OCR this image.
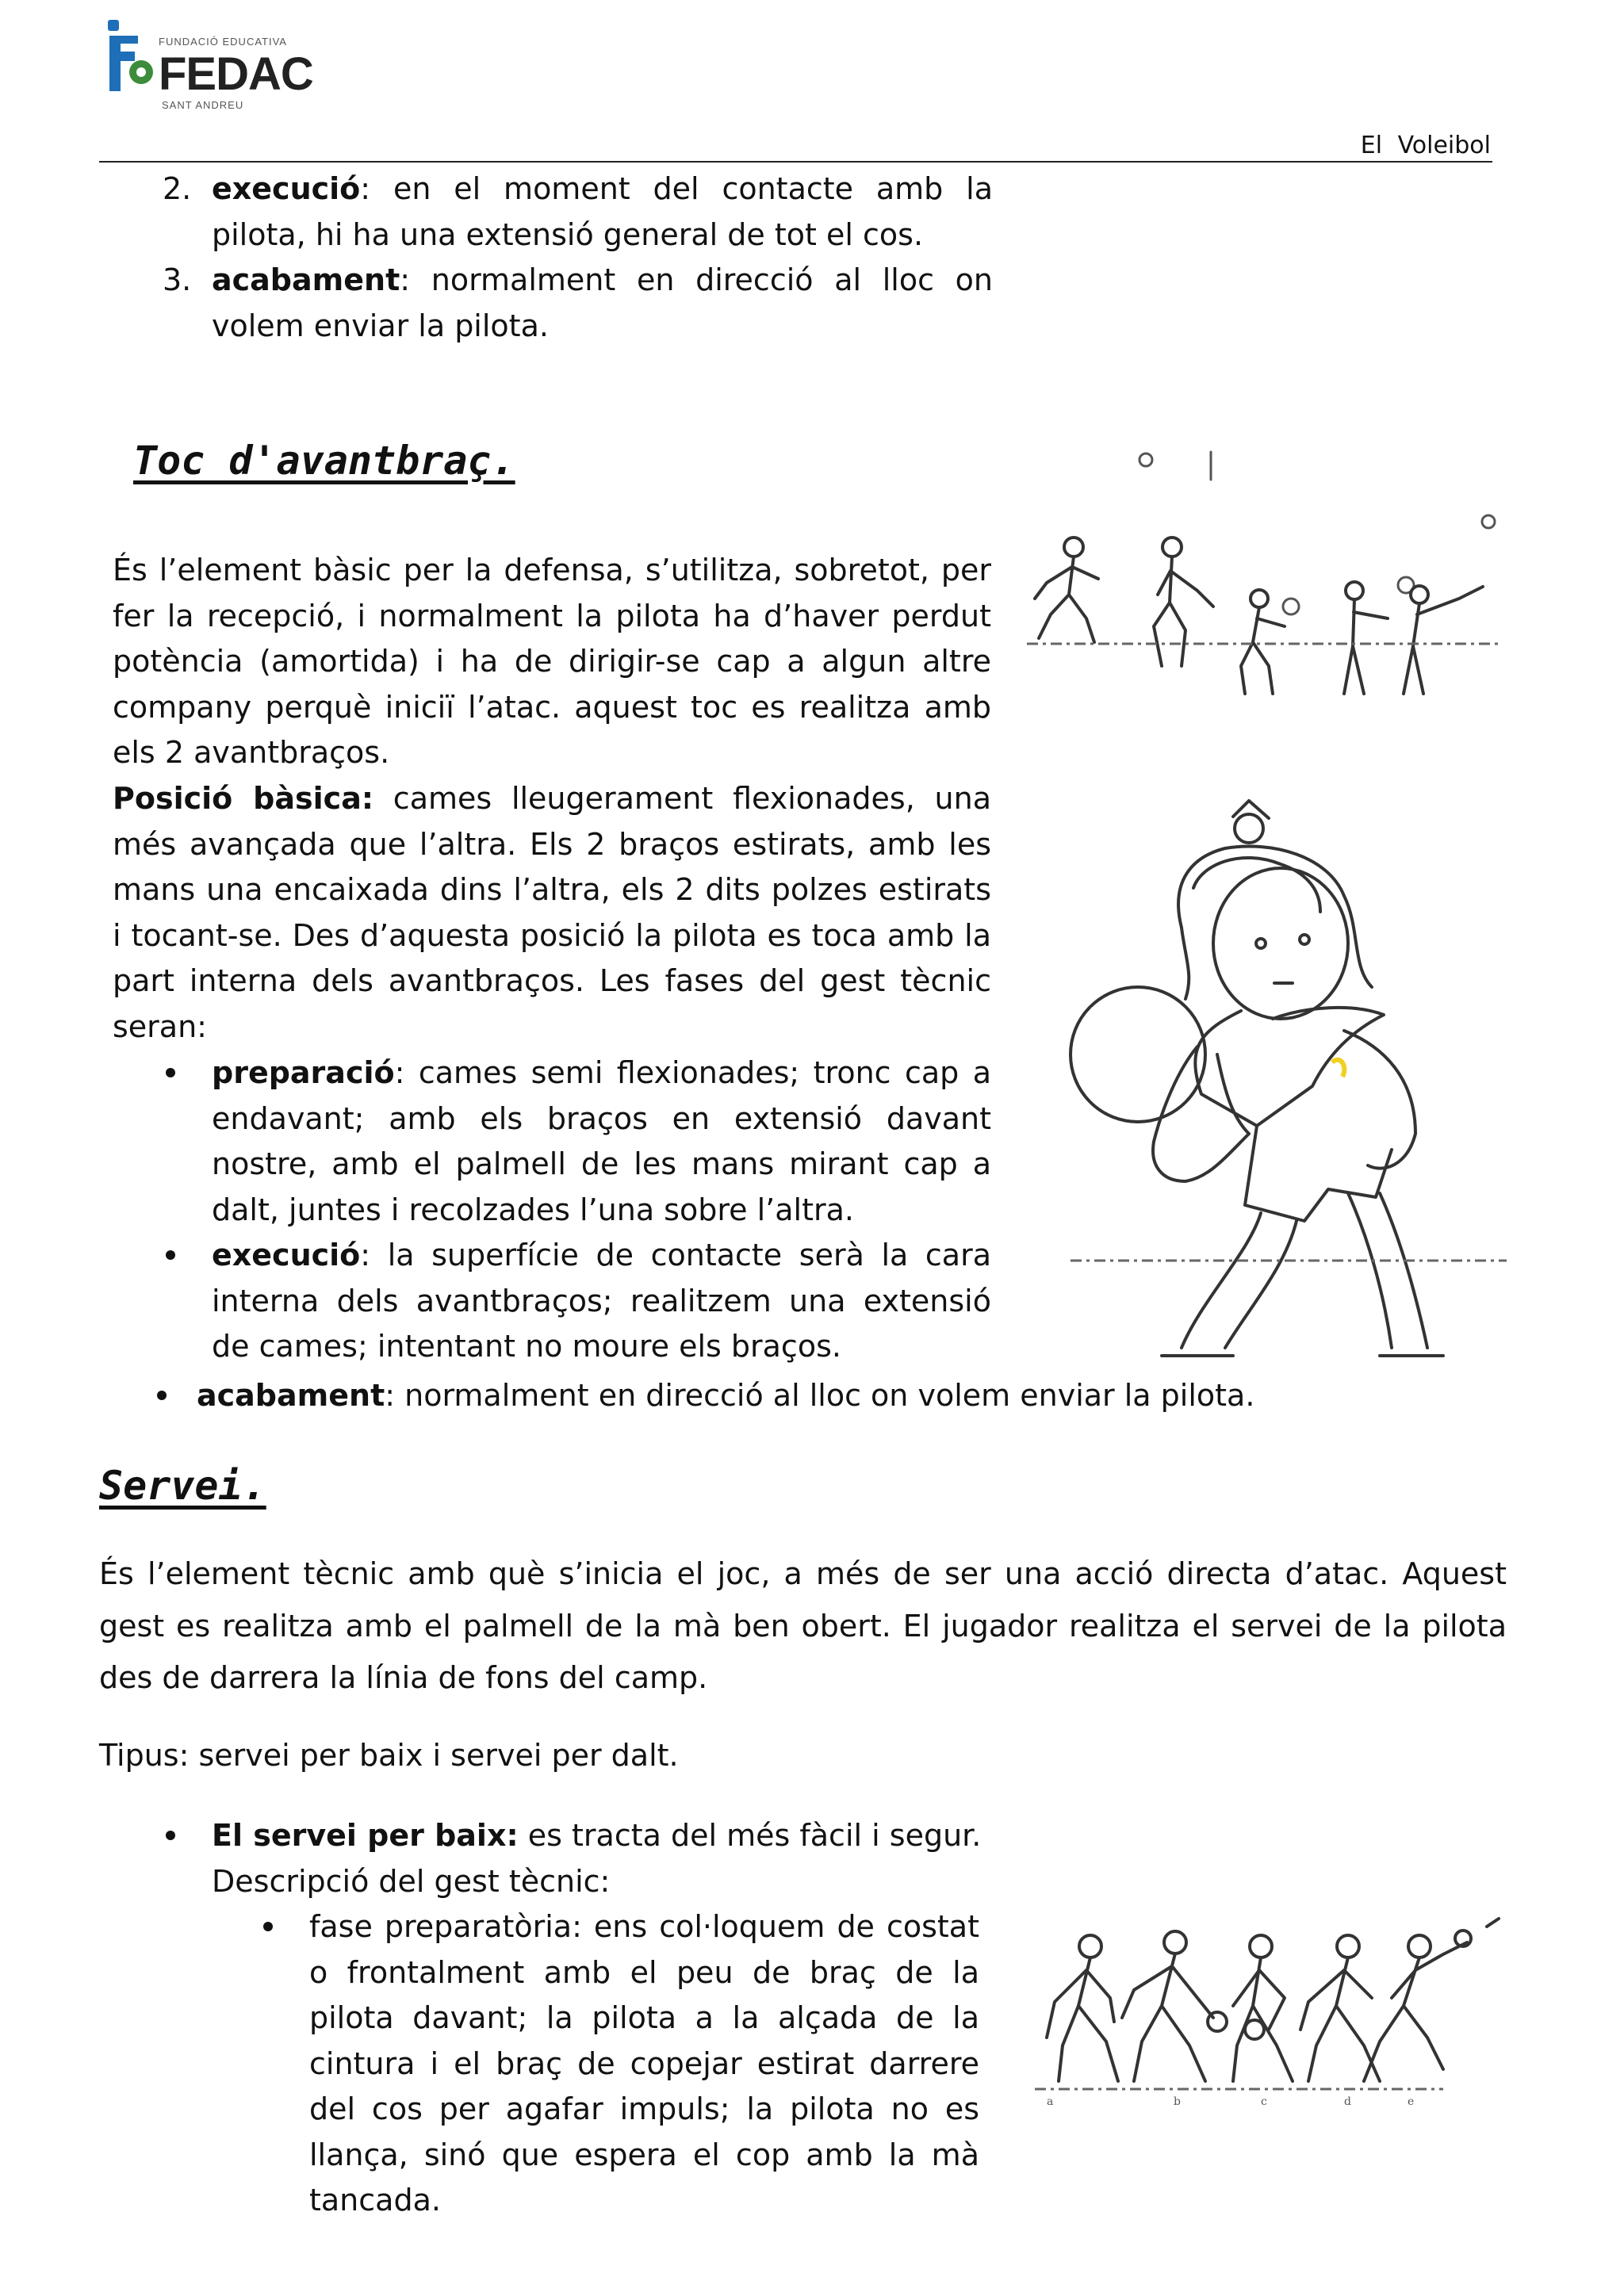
FUNDACIÓ EDUCATIVA
FEDAC
SANT ANDREU
El Voleibol
2. execució: en el moment del contacte amb la pilota, hi ha una extensió general de tot el cos.
3. acabament: normalment en direcció al lloc on volem enviar la pilota.
Toc d'avantbraç.
És l’element bàsic per la defensa, s’utilitza, sobretot, per fer la recepció, i normalment la pilota ha d’haver perdut potència (amortida) i ha de dirigir-se cap a algun altre company perquè iniciï l’atac. aquest toc es realitza amb els 2 avantbraços.
Posició bàsica: cames lleugerament flexionades, una més avançada que l’altra. Els 2 braços estirats, amb les mans una encaixada dins l’altra, els 2 dits polzes estirats i tocant-se. Des d’aquesta posició la pilota es toca amb la part interna dels avantbraços. Les fases del gest tècnic seran:
preparació: cames semi flexionades; tronc cap a endavant; amb els braços en extensió davant nostre, amb el palmell de les mans mirant cap a dalt, juntes i recolzades l’una sobre l’altra.
execució: la superfície de contacte serà la cara interna dels avantbraços; realitzem una extensió de cames; intentant no moure els braços.
acabament: normalment en direcció al lloc on volem enviar la pilota.
Servei.
És l’element tècnic amb què s’inicia el joc, a més de ser una acció directa d’atac. Aquest gest es realitza amb el palmell de la mà ben obert. El jugador realitza el servei de la pilota des de darrera la línia de fons del camp.
Tipus: servei per baix i servei per dalt.
El servei per baix: es tracta del més fàcil i segur.
Descripció del gest tècnic:
fase preparatòria: ens col·loquem de costat o frontalment amb el peu de braç de la pilota davant; la pilota a la alçada de la cintura i el braç de copejar estirat darrere del cos per agafar impuls; la pilota no es llança, sinó que espera el cop amb la mà tancada.
a	b	c	d	e
